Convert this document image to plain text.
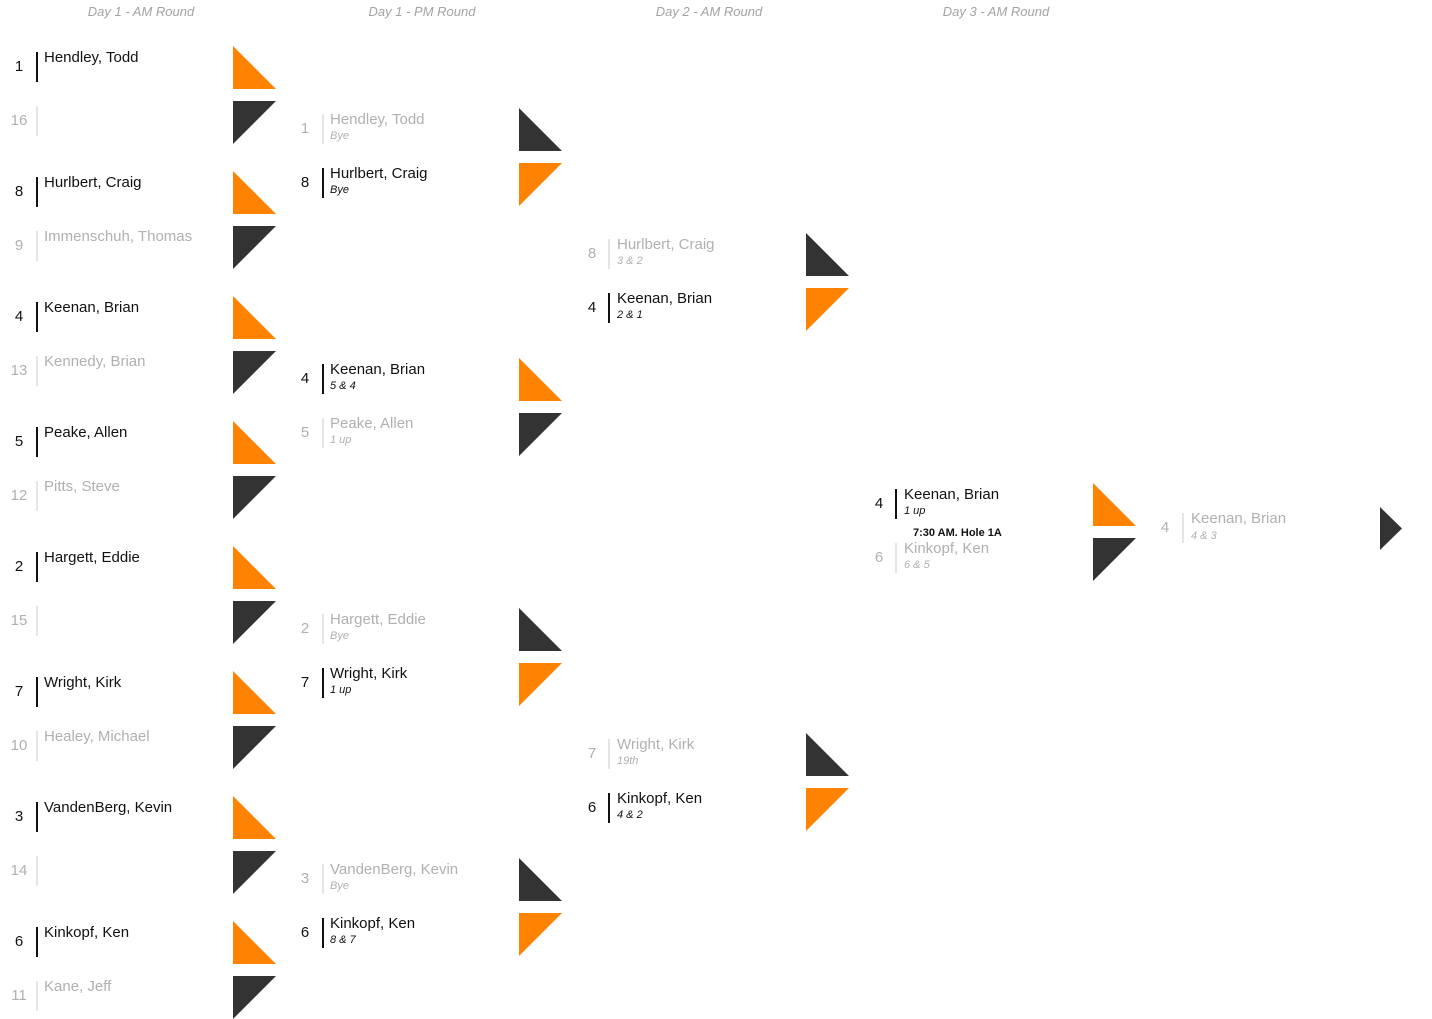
Day 1 - AM Round	Day 1 - PM Round	Day 2 - AM Round	Day 3 - AM Round
1
Hendley, Todd
16
8
Hurlbert, Craig
9
Immenschuh, Thomas
4
Keenan, Brian
13
Kennedy, Brian
5
Peake, Allen
12
Pitts, Steve
2
Hargett, Eddie
15
7
Wright, Kirk
10
Healey, Michael
3
VandenBerg, Kevin
14
6
Kinkopf, Ken
11
Kane, Jeff
1
Hendley, Todd
Bye
8
Hurlbert, Craig
Bye
4
Keenan, Brian
5 & 4
5
Peake, Allen
1 up
2
Hargett, Eddie
Bye
7
Wright, Kirk
1 up
3
VandenBerg, Kevin
Bye
6
Kinkopf, Ken
8 & 7
8
Hurlbert, Craig
3 & 2
4
Keenan, Brian
2 & 1
7
Wright, Kirk
19th
6
Kinkopf, Ken
4 & 2
4
Keenan, Brian
1 up
6
Kinkopf, Ken
6 & 5
7:30 AM. Hole 1A	4
Keenan, Brian
4 & 3
